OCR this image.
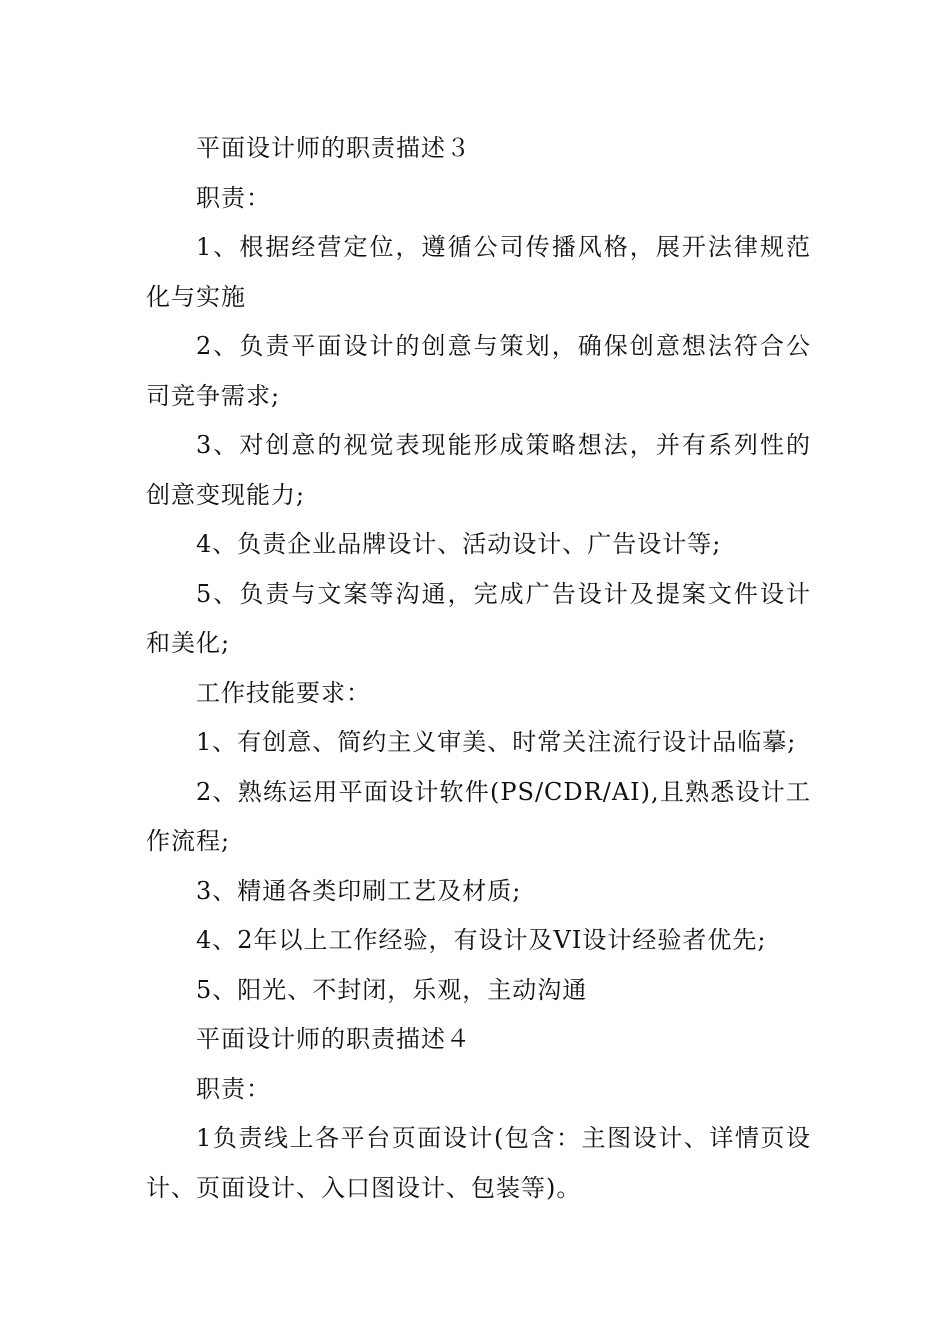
平面设计师的职责描述３

职责：

1、根据经营定位，遵循公司传播风格，展开法律规范化与实施

2、负责平面设计的创意与策划，确保创意想法符合公司竞争需求;

3、对创意的视觉表现能形成策略想法，并有系列性的创意变现能力;

4、负责企业品牌设计、活动设计、广告设计等;

5、负责与文案等沟通，完成广告设计及提案文件设计和美化;

工作技能要求：

1、有创意、简约主义审美、时常关注流行设计品临摹;

2、熟练运用平面设计软件(PS/CDR/AI),且熟悉设计工作流程;

3、精通各类印刷工艺及材质;

4、2年以上工作经验，有设计及VI设计经验者优先;

5、阳光、不封闭，乐观，主动沟通

平面设计师的职责描述４

职责：

1负责线上各平台页面设计(包含：主图设计、详情页设计、页面设计、入口图设计、包装等)。
